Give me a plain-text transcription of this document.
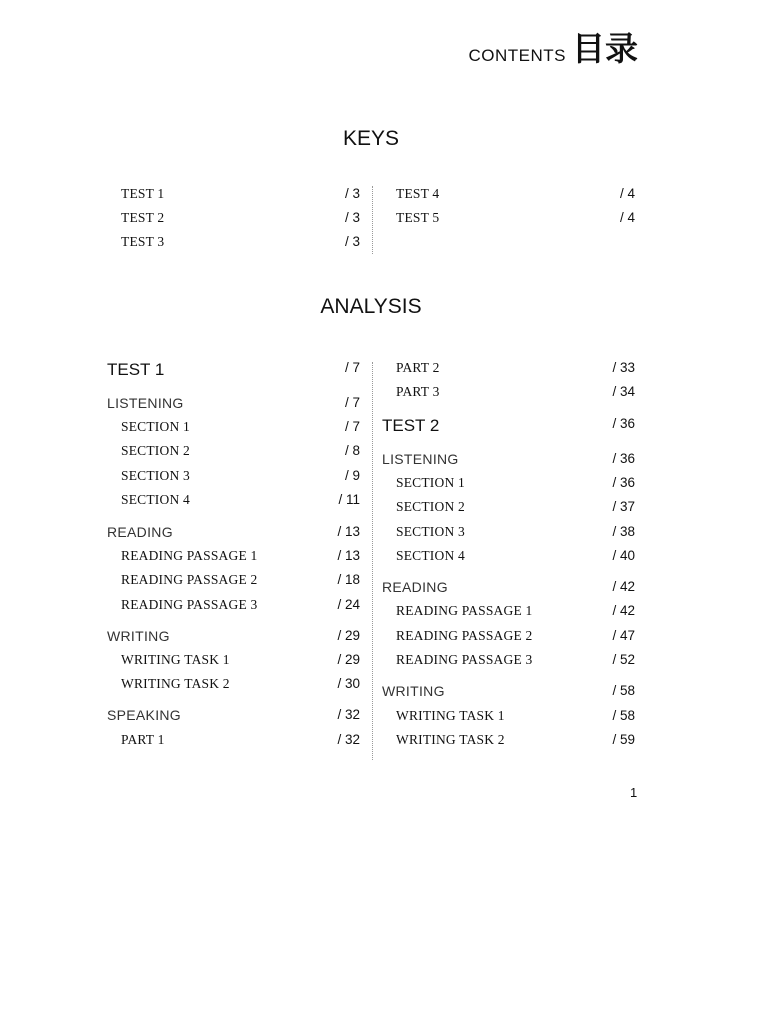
CONTENTS 目录
KEYS
TEST 1	/ 3
TEST 2	/ 3
TEST 3	/ 3
TEST 4	/ 4
TEST 5	/ 4
ANALYSIS
TEST 1	/ 7
LISTENING	/ 7
SECTION 1	/ 7
SECTION 2	/ 8
SECTION 3	/ 9
SECTION 4	/ 11
READING	/ 13
READING PASSAGE 1	/ 13
READING PASSAGE 2	/ 18
READING PASSAGE 3	/ 24
WRITING	/ 29
WRITING TASK 1	/ 29
WRITING TASK 2	/ 30
SPEAKING	/ 32
PART 1	/ 32
PART 2	/ 33
PART 3	/ 34
TEST 2	/ 36
LISTENING	/ 36
SECTION 1	/ 36
SECTION 2	/ 37
SECTION 3	/ 38
SECTION 4	/ 40
READING	/ 42
READING PASSAGE 1	/ 42
READING PASSAGE 2	/ 47
READING PASSAGE 3	/ 52
WRITING	/ 58
WRITING TASK 1	/ 58
WRITING TASK 2	/ 59
1
